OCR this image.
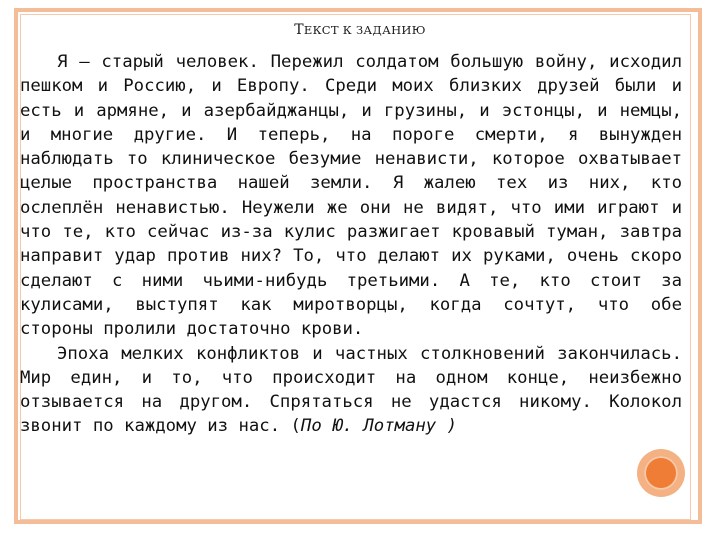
ТЕКСТ К ЗАДАНИЮ

Я — старый человек. Пережил солдатом большую войну, исходил пешком и Россию, и Европу. Среди моих близких друзей были и есть и армяне, и азербайджанцы, и грузины, и эстонцы, и немцы, и многие другие. И теперь, на пороге смерти, я вынужден наблюдать то клиническое безумие ненависти, которое охватывает целые пространства нашей земли. Я жалею тех из них, кто ослеплён ненавистью. Неужели же они не видят, что ими играют и что те, кто сейчас из-за кулис разжигает кровавый туман, завтра направит удар против них? То, что делают их руками, очень скоро сделают с ними чьими-нибудь третьими. А те, кто стоит за кулисами, выступят как миротворцы, когда сочтут, что обе стороны пролили достаточно крови.

Эпоха мелких конфликтов и частных столкновений закончилась. Мир един, и то, что происходит на одном конце, неизбежно отзывается на другом. Спрятаться не удастся никому. Колокол звонит по каждому из нас. (По Ю. Лотману )
